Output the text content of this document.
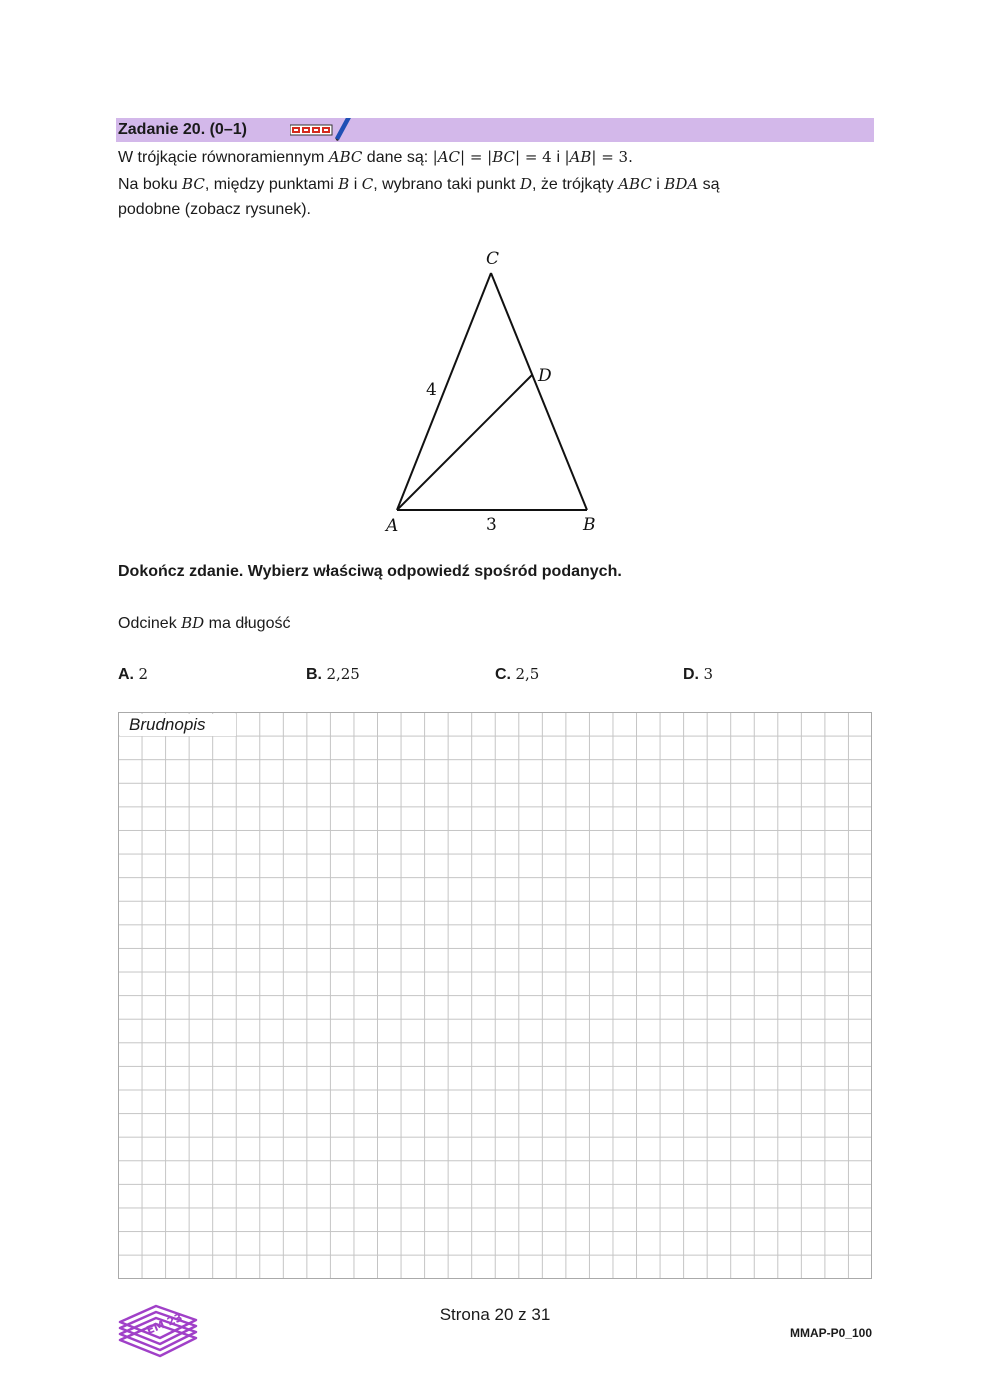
Zadanie 20. (0–1)
W trójkącie równoramiennym ABC dane są: |AC| = |BC| = 4 i |AB| = 3.
Na boku BC, między punktami B i C, wybrano taki punkt D, że trójkąty ABC i BDA są
podobne (zobacz rysunek).
C
D
A	B
4
3
Dokończ zdanie. Wybierz właściwą odpowiedź spośród podanych.
Odcinek BD ma długość
A. 2	B. 2,25	C. 2,5	D. 3
Brudnopis
EM 23	Strona 20 z 31
MMAP-P0_100
